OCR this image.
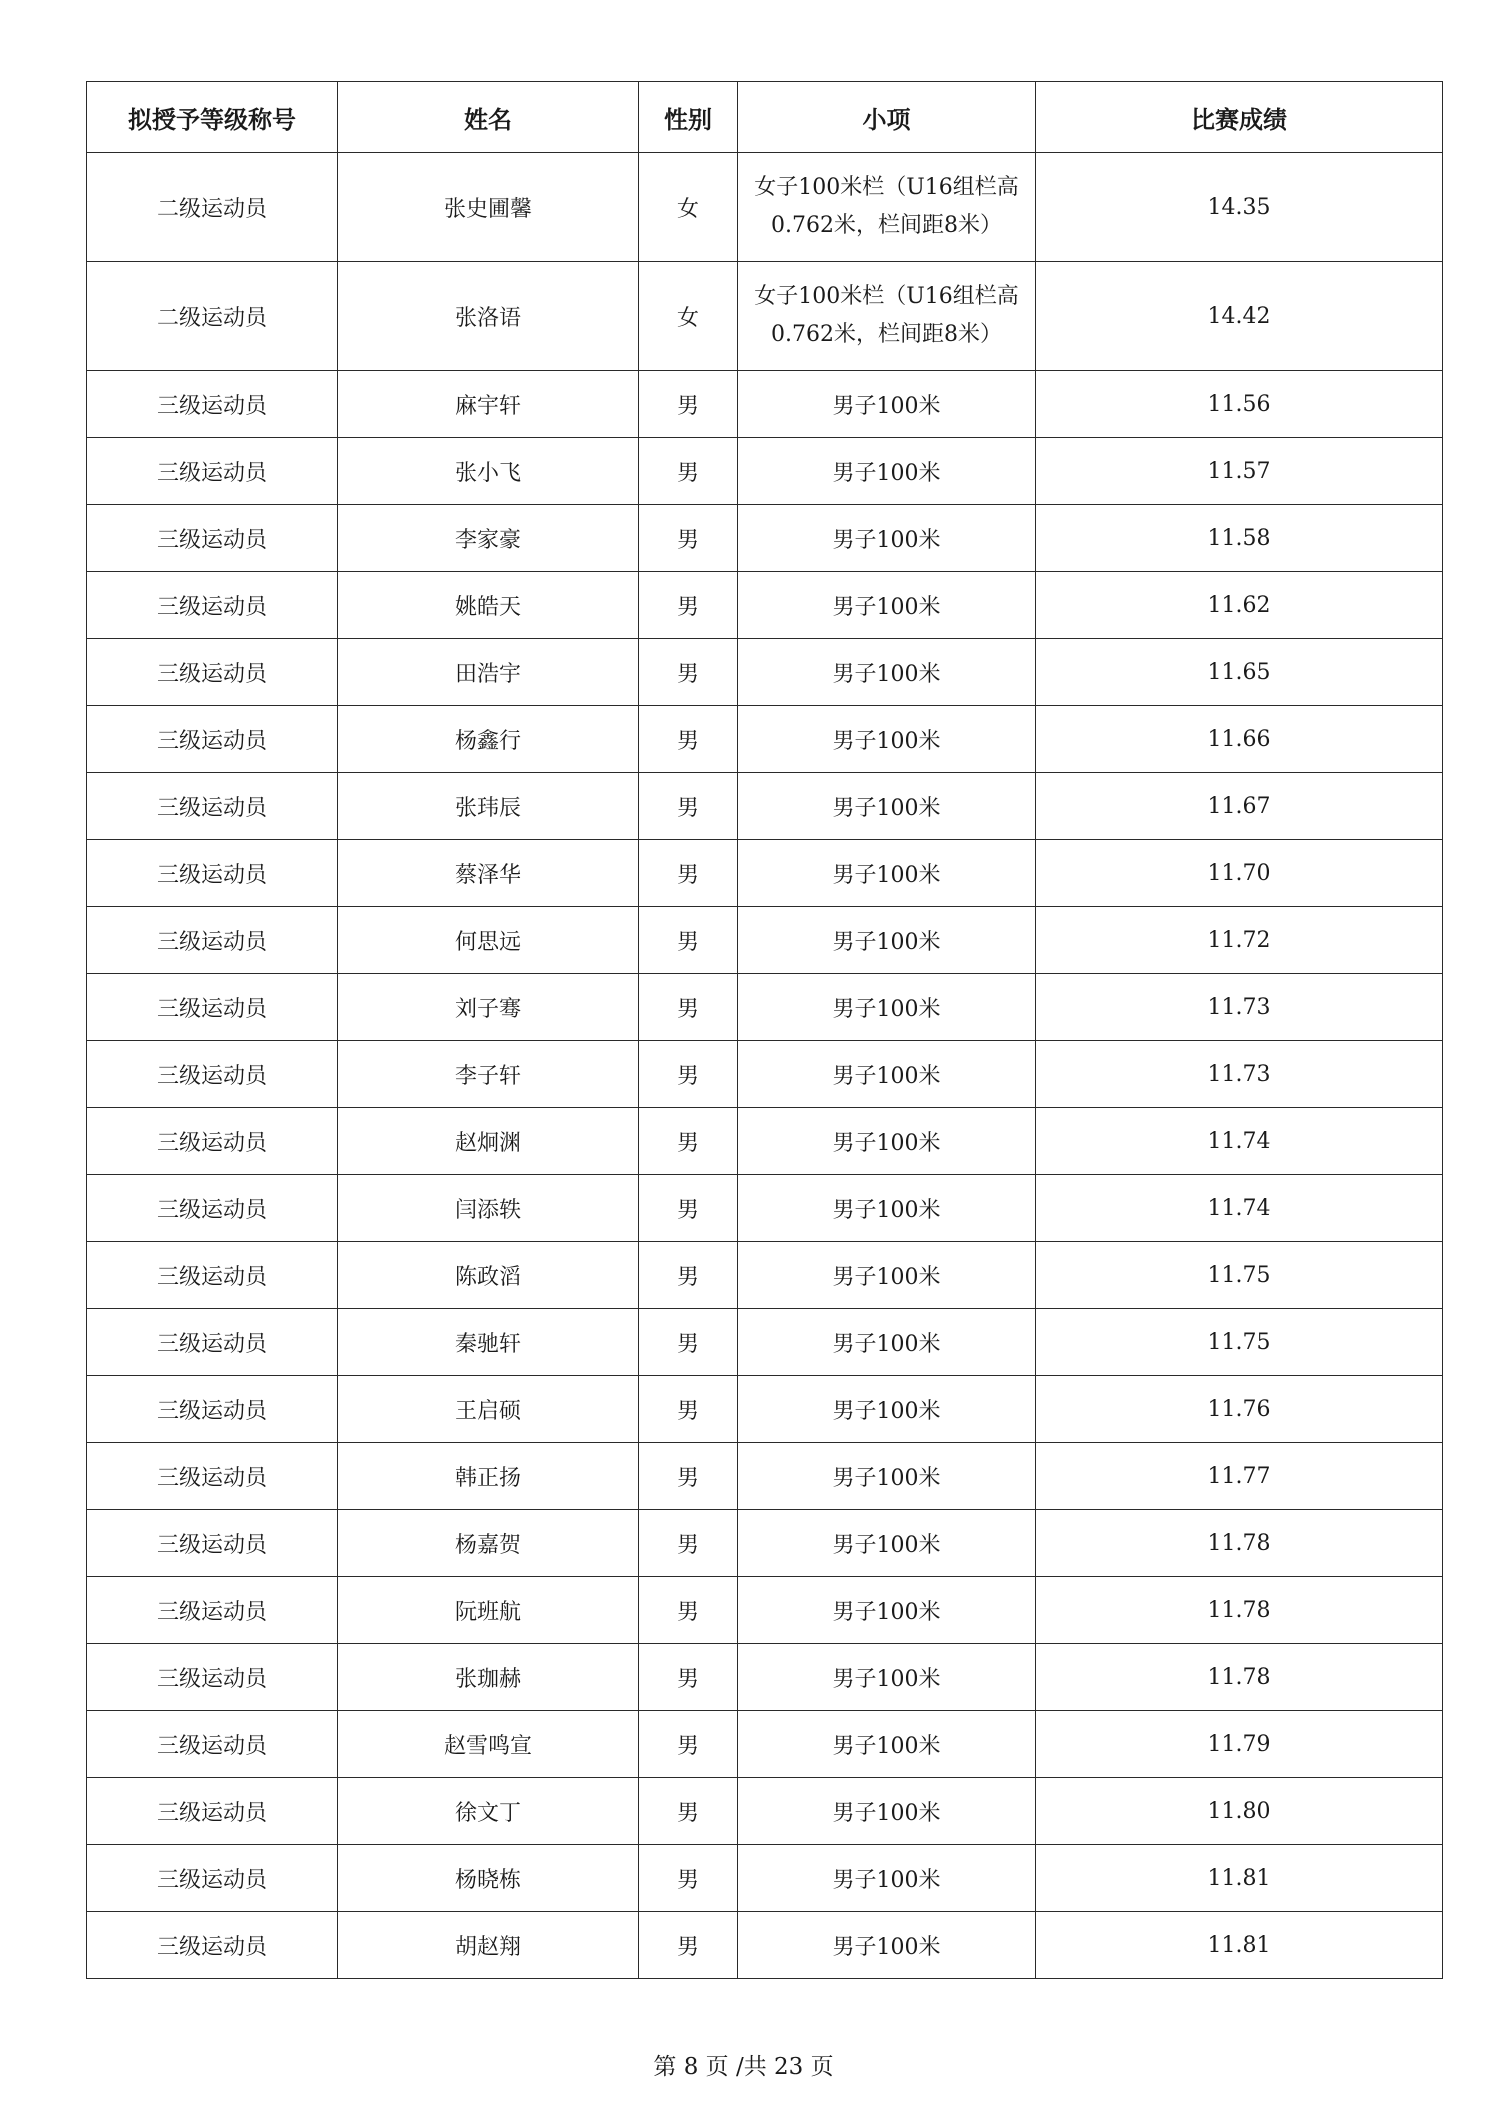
拟授予等级称号	姓名	性别	小项	比赛成绩
二级运动员	张史圃馨	女	女子100米栏（U16组栏高0.762米，栏间距8米）	14.35
二级运动员	张洛语	女	女子100米栏（U16组栏高0.762米，栏间距8米）	14.42
三级运动员	麻宇轩	男	男子100米	11.56
三级运动员	张小飞	男	男子100米	11.57
三级运动员	李家豪	男	男子100米	11.58
三级运动员	姚皓天	男	男子100米	11.62
三级运动员	田浩宇	男	男子100米	11.65
三级运动员	杨鑫行	男	男子100米	11.66
三级运动员	张玮辰	男	男子100米	11.67
三级运动员	蔡泽华	男	男子100米	11.70
三级运动员	何思远	男	男子100米	11.72
三级运动员	刘子骞	男	男子100米	11.73
三级运动员	李子轩	男	男子100米	11.73
三级运动员	赵炯渊	男	男子100米	11.74
三级运动员	闫添轶	男	男子100米	11.74
三级运动员	陈政滔	男	男子100米	11.75
三级运动员	秦驰轩	男	男子100米	11.75
三级运动员	王启硕	男	男子100米	11.76
三级运动员	韩正扬	男	男子100米	11.77
三级运动员	杨嘉贺	男	男子100米	11.78
三级运动员	阮班航	男	男子100米	11.78
三级运动员	张珈赫	男	男子100米	11.78
三级运动员	赵雪鸣宣	男	男子100米	11.79
三级运动员	徐文丁	男	男子100米	11.80
三级运动员	杨晓栋	男	男子100米	11.81
三级运动员	胡赵翔	男	男子100米	11.81
第 8 页 /共 23 页
